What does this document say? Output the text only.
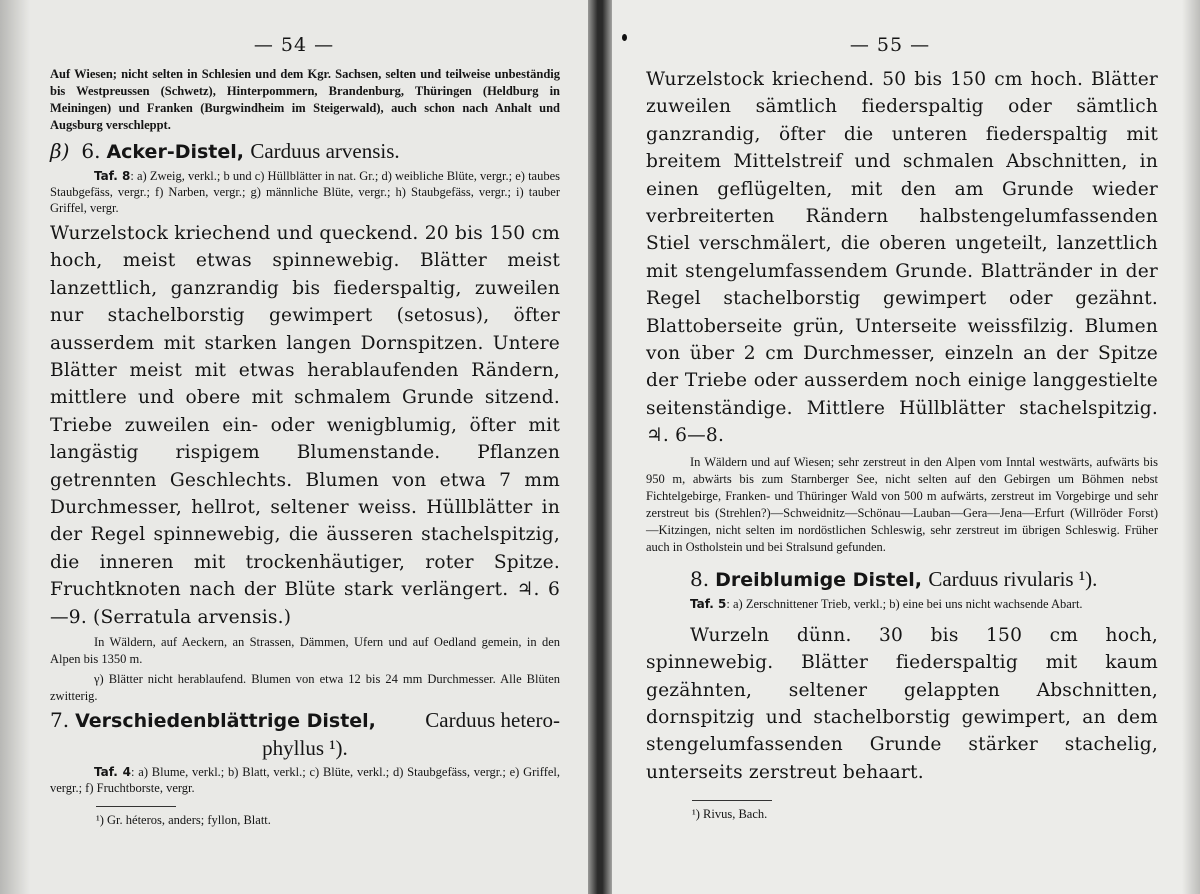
— 54 —

Auf Wiesen; nicht selten in Schlesien und dem Kgr. Sachsen, selten und teilweise unbeständig bis Westpreussen (Schwetz), Hinterpommern, Brandenburg, Thüringen (Heldburg in Meiningen) und Franken (Burgwindheim im Steigerwald), auch schon nach Anhalt und Augsburg verschleppt.

β) 6. Acker-Distel, Carduus arvensis.

Taf. 8: a) Zweig, verkl.; b und c) Hüllblätter in nat. Gr.; d) weibliche Blüte, vergr.; e) taubes Staubgefäss, vergr.; f) Narben, vergr.; g) männliche Blüte, vergr.; h) Staubgefäss, vergr.; i) tauber Griffel, vergr.

Wurzelstock kriechend und queckend. 20 bis 150 cm hoch, meist etwas spinnewebig. Blätter meist lanzettlich, ganzrandig bis fiederspaltig, zuweilen nur stachelborstig gewimpert (setosus), öfter ausserdem mit starken langen Dornspitzen. Untere Blätter meist mit etwas herablaufenden Rändern, mittlere und obere mit schmalem Grunde sitzend. Triebe zuweilen ein- oder wenigblumig, öfter mit langästig rispigem Blumenstande. Pflanzen getrennten Geschlechts. Blumen von etwa 7 mm Durchmesser, hellrot, seltener weiss. Hüllblätter in der Regel spinnewebig, die äusseren stachelspitzig, die inneren mit trockenhäutiger, roter Spitze. Fruchtknoten nach der Blüte stark verlängert. ♃. 6—9. (Serratula arvensis.)

In Wäldern, auf Aeckern, an Strassen, Dämmen, Ufern und auf Oedland gemein, in den Alpen bis 1350 m.

γ) Blätter nicht herablaufend. Blumen von etwa 12 bis 24 mm Durchmesser. Alle Blüten zwitterig.

7. Verschiedenblättrige Distel, Carduus hetero-

phyllus ¹).

Taf. 4: a) Blume, verkl.; b) Blatt, verkl.; c) Blüte, verkl.; d) Staubgefäss, vergr.; e) Griffel, vergr.; f) Fruchtborste, vergr.

¹) Gr. héteros, anders; fyllon, Blatt.

— 55 —

Wurzelstock kriechend. 50 bis 150 cm hoch. Blätter zuweilen sämtlich fiederspaltig oder sämtlich ganzrandig, öfter die unteren fiederspaltig mit breitem Mittelstreif und schmalen Abschnitten, in einen geflügelten, mit den am Grunde wieder verbreiterten Rändern halbstengelumfassenden Stiel verschmälert, die oberen ungeteilt, lanzettlich mit stengelumfassendem Grunde. Blattränder in der Regel stachelborstig gewimpert oder gezähnt. Blattoberseite grün, Unterseite weissfilzig. Blumen von über 2 cm Durchmesser, einzeln an der Spitze der Triebe oder ausserdem noch einige langgestielte seitenständige. Mittlere Hüllblätter stachelspitzig. ♃. 6—8.

In Wäldern und auf Wiesen; sehr zerstreut in den Alpen vom Inntal westwärts, aufwärts bis 950 m, abwärts bis zum Starnberger See, nicht selten auf den Gebirgen um Böhmen nebst Fichtelgebirge, Franken- und Thüringer Wald von 500 m aufwärts, zerstreut im Vorgebirge und sehr zerstreut bis (Strehlen?)—Schweidnitz—Schönau—Lauban—Gera—Jena—Erfurt (Willröder Forst)—Kitzingen, nicht selten im nordöstlichen Schleswig, sehr zerstreut im übrigen Schleswig. Früher auch in Ostholstein und bei Stralsund gefunden.

8. Dreiblumige Distel, Carduus rivularis ¹).

Taf. 5: a) Zerschnittener Trieb, verkl.; b) eine bei uns nicht wachsende Abart.

Wurzeln dünn. 30 bis 150 cm hoch, spinnewebig. Blätter fiederspaltig mit kaum gezähnten, seltener gelappten Abschnitten, dornspitzig und stachelborstig gewimpert, an dem stengelumfassenden Grunde stärker stachelig, unterseits zerstreut behaart.

¹) Rivus, Bach.
